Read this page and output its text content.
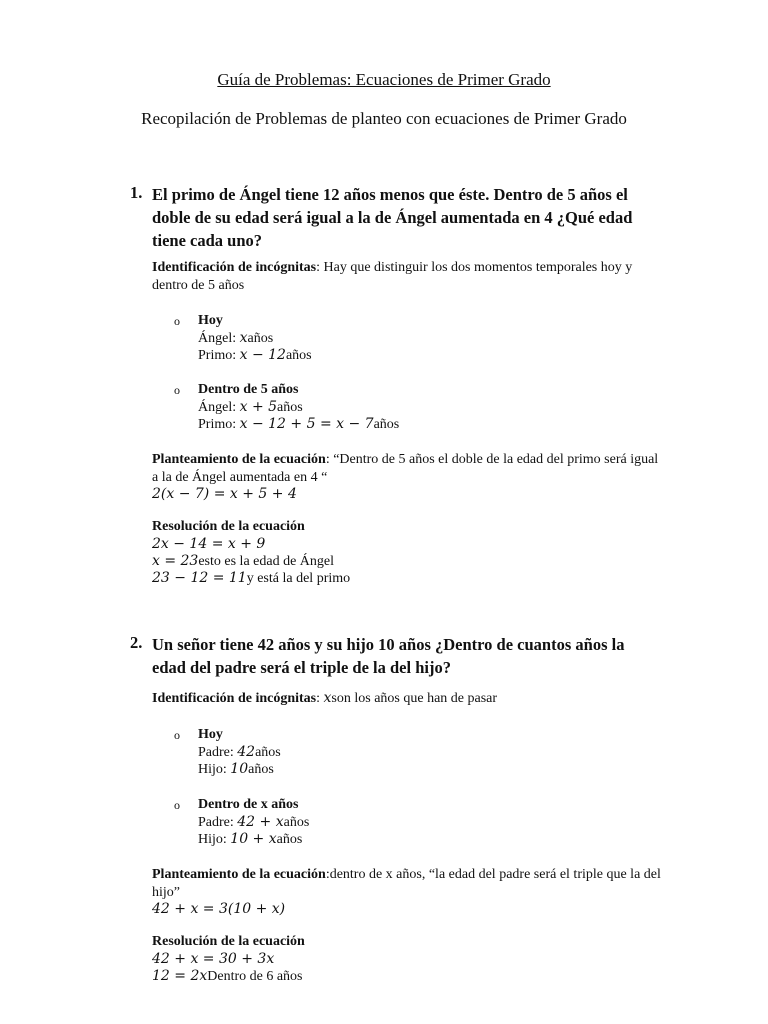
Guía de Problemas: Ecuaciones de Primer Grado
Recopilación de Problemas de planteo con ecuaciones de Primer Grado
1. El primo de Ángel tiene 12 años menos que éste. Dentro de 5 años el doble de su edad será igual a la de Ángel aumentada en 4 ¿Qué edad tiene cada uno?
Identificación de incógnitas: Hay que distinguir los dos momentos temporales hoy y dentro de 5 años
o Hoy
Ángel: xaños
Primo: x − 12años
o Dentro de 5 años
Ángel: x + 5años
Primo: x − 12 + 5 = x − 7años
Planteamiento de la ecuación: “Dentro de 5 años el doble de la edad del primo será igual a la de Ángel aumentada en 4 “
2(x − 7) = x + 5 + 4
Resolución de la ecuación
2x − 14 = x + 9
x = 23esto es la edad de Ángel
23 − 12 = 11y está la del primo
2. Un señor tiene 42 años y su hijo 10 años ¿Dentro de cuantos años la edad del padre será el triple de la del hijo?
Identificación de incógnitas: xson los años que han de pasar
o Hoy
Padre: 42años
Hijo: 10años
o Dentro de x años
Padre: 42 + xaños
Hijo: 10 + xaños
Planteamiento de la ecuación:dentro de x años, “la edad del padre será el triple que la del hijo”
42 + x = 3(10 + x)
Resolución de la ecuación
42 + x = 30 + 3x
12 = 2xDentro de 6 años
